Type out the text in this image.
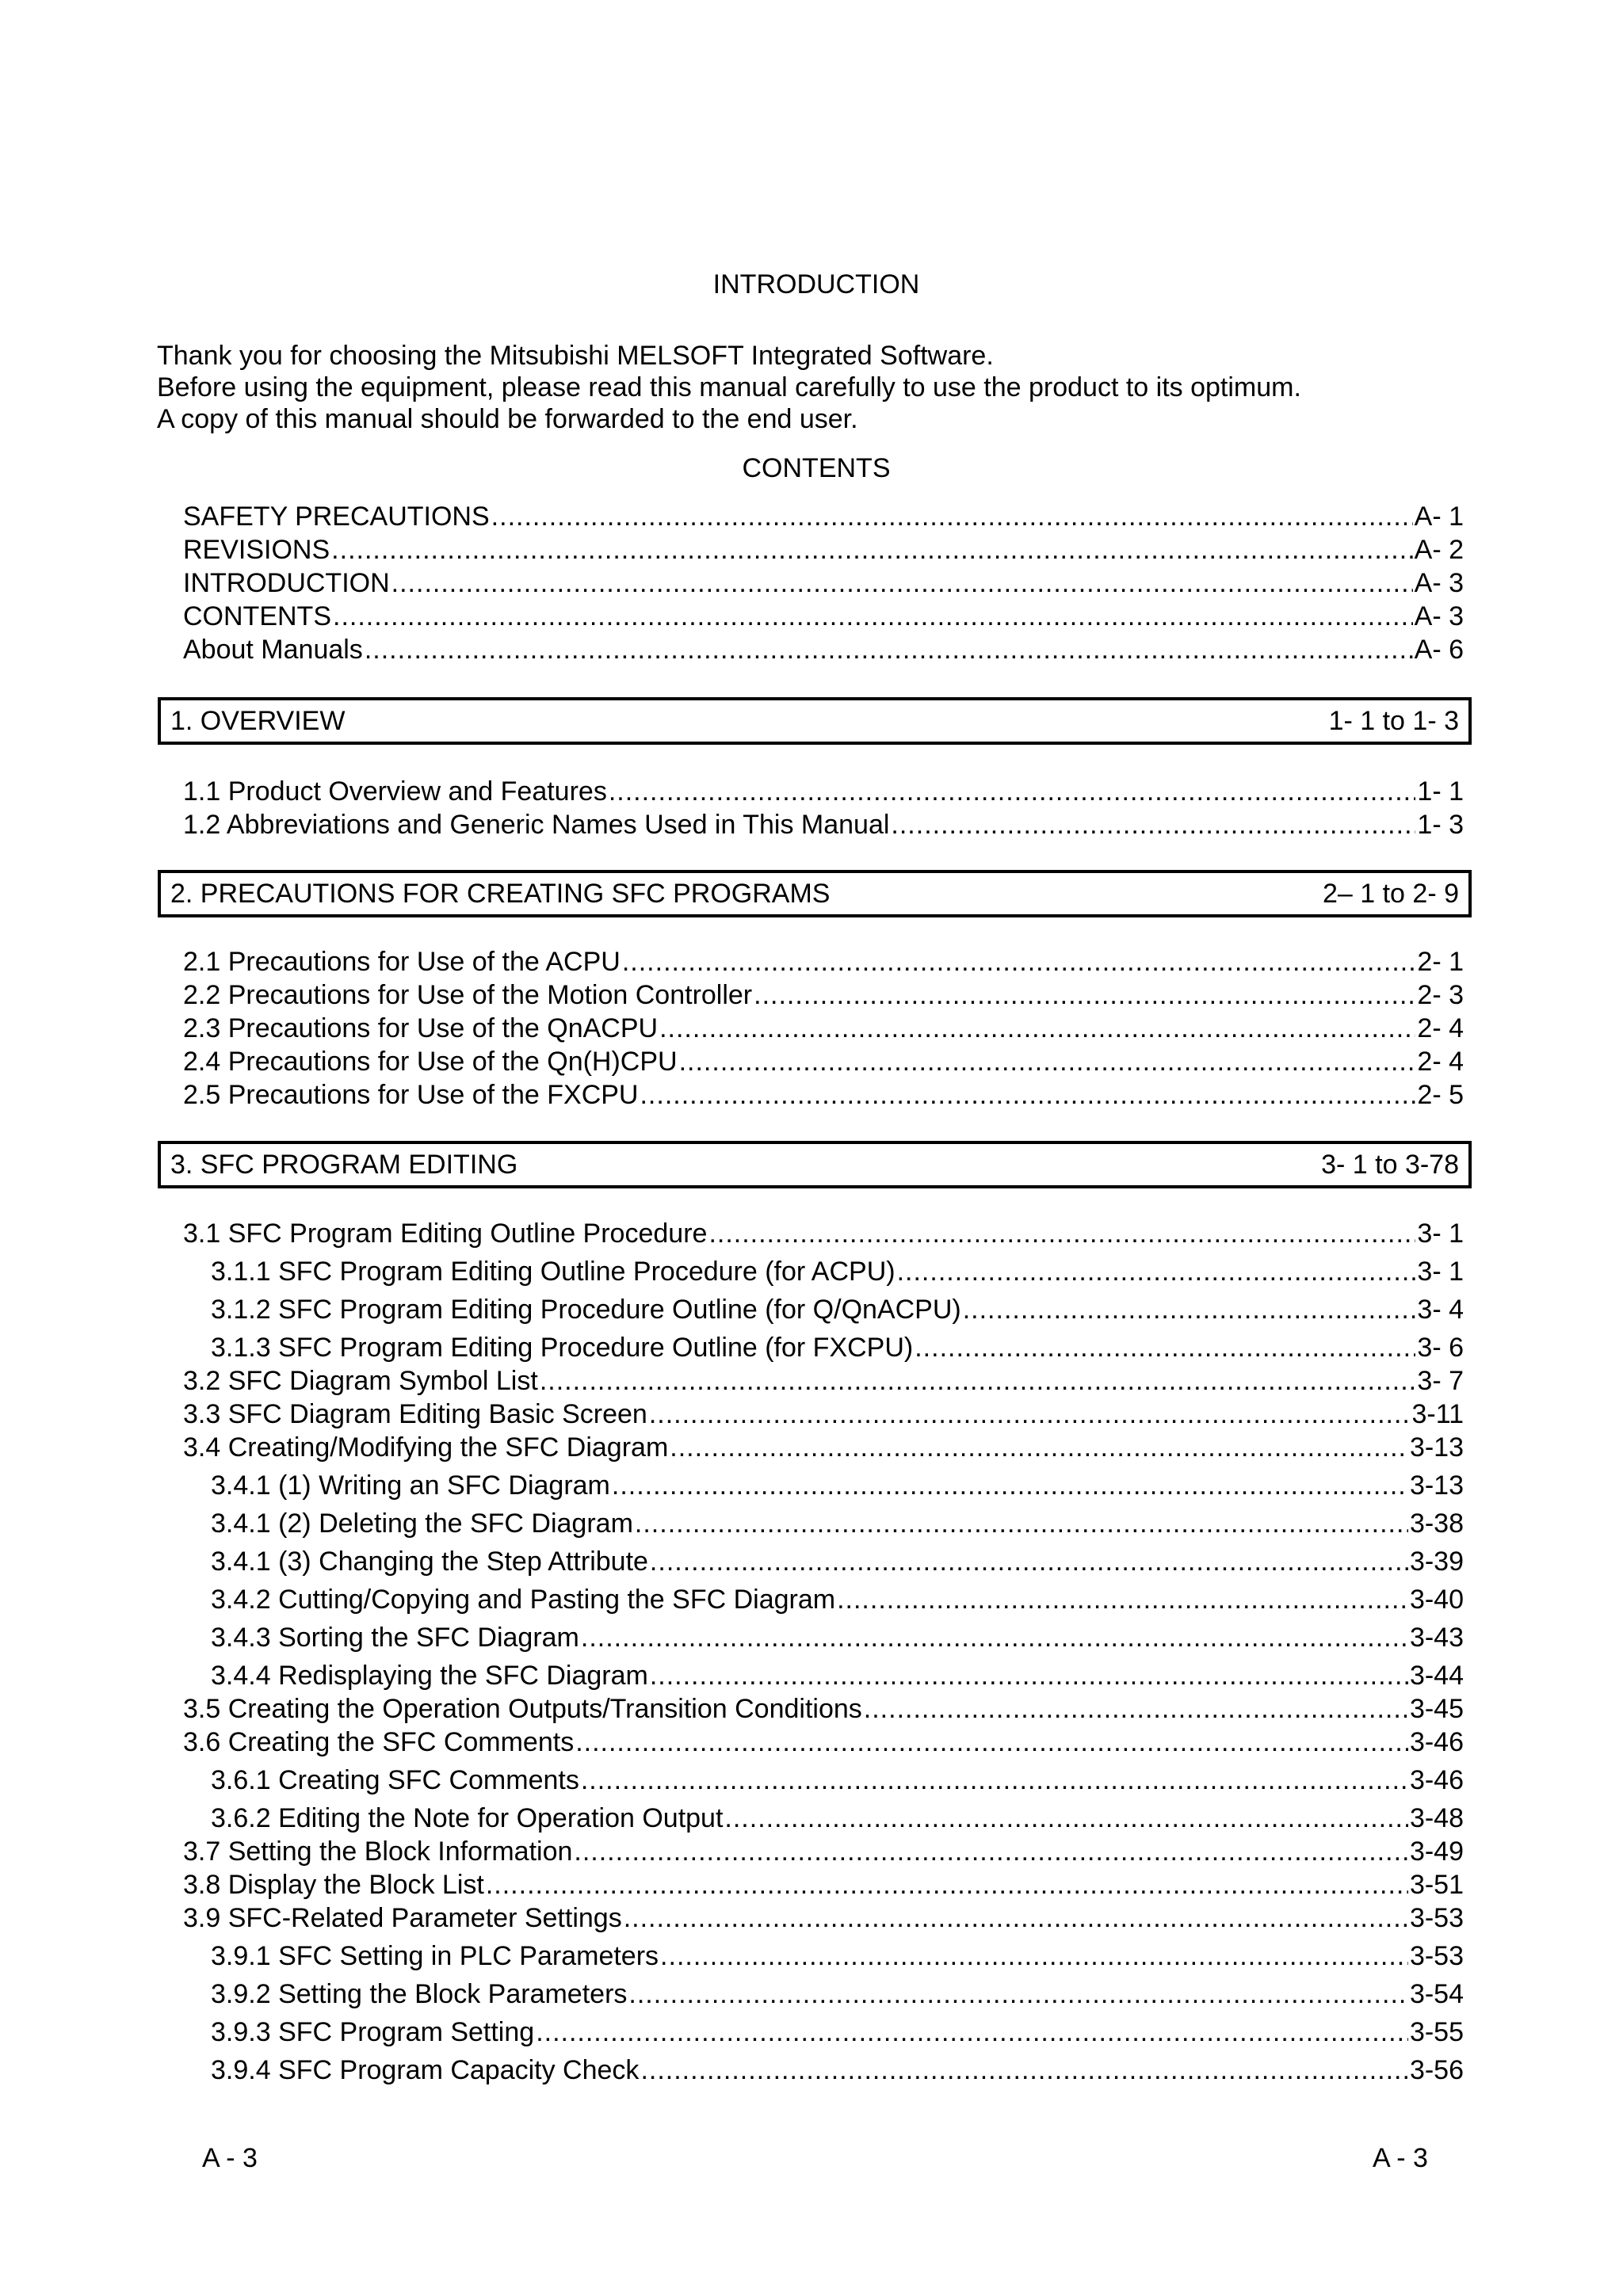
INTRODUCTION
Thank you for choosing the Mitsubishi MELSOFT Integrated Software.
Before using the equipment, please read this manual carefully to use the product to its optimum.
A copy of this manual should be forwarded to the end user.
CONTENTS
SAFETY PRECAUTIONS .....	A- 1
REVISIONS .....	A- 2
INTRODUCTION .....	A- 3
CONTENTS .....	A- 3
About Manuals .....	A- 6
1. OVERVIEW	1- 1 to 1- 3
1.1 Product Overview and Features .....	1- 1
1.2 Abbreviations and Generic Names Used in This Manual .....	1- 3
2. PRECAUTIONS FOR CREATING SFC PROGRAMS	2– 1 to 2- 9
2.1 Precautions for Use of the ACPU .....	2- 1
2.2 Precautions for Use of the Motion Controller .....	2- 3
2.3 Precautions for Use of the QnACPU .....	2- 4
2.4 Precautions for Use of the Qn(H)CPU .....	2- 4
2.5 Precautions for Use of the FXCPU .....	2- 5
3. SFC PROGRAM EDITING	3- 1 to 3-78
3.1 SFC Program Editing Outline Procedure .....	3- 1
3.1.1 SFC Program Editing Outline Procedure (for ACPU) .....	3- 1
3.1.2 SFC Program Editing Procedure Outline (for Q/QnACPU) .....	3- 4
3.1.3 SFC Program Editing Procedure Outline (for FXCPU) .....	3- 6
3.2 SFC Diagram Symbol List .....	3- 7
3.3 SFC Diagram Editing Basic Screen .....	3-11
3.4 Creating/Modifying the SFC Diagram .....	3-13
3.4.1 (1) Writing an SFC Diagram .....	3-13
3.4.1 (2) Deleting the SFC Diagram .....	3-38
3.4.1 (3) Changing the Step Attribute .....	3-39
3.4.2 Cutting/Copying and Pasting the SFC Diagram .....	3-40
3.4.3 Sorting the SFC Diagram .....	3-43
3.4.4 Redisplaying the SFC Diagram .....	3-44
3.5 Creating the Operation Outputs/Transition Conditions .....	3-45
3.6 Creating the SFC Comments .....	3-46
3.6.1 Creating SFC Comments .....	3-46
3.6.2 Editing the Note for Operation Output .....	3-48
3.7 Setting the Block Information .....	3-49
3.8 Display the Block List .....	3-51
3.9 SFC-Related Parameter Settings .....	3-53
3.9.1 SFC Setting in PLC Parameters .....	3-53
3.9.2 Setting the Block Parameters .....	3-54
3.9.3 SFC Program Setting .....	3-55
3.9.4 SFC Program Capacity Check .....	3-56
A - 3	A - 3
